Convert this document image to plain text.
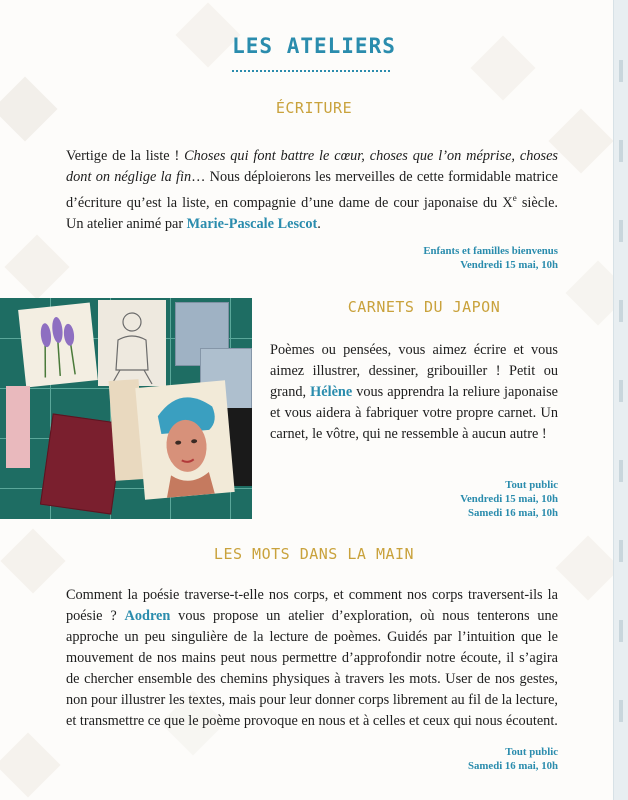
LES ATELIERS
ÉCRITURE
Vertige de la liste ! Choses qui font battre le cœur, choses que l’on méprise, choses dont on néglige la fin… Nous déploierons les merveilles de cette formidable matrice d’écriture qu’est la liste, en compagnie d’une dame de cour japonaise du Xe siècle. Un atelier animé par Marie-Pascale Lescot.
Enfants et familles bienvenus
Vendredi 15 mai, 10h
CARNETS DU JAPON
Poèmes ou pensées, vous aimez écrire et vous aimez illustrer, dessiner, gribouiller ! Petit ou grand, Hélène vous apprendra la reliure japonaise et vous aidera à fabriquer votre propre carnet. Un carnet, le vôtre, qui ne ressemble à aucun autre !
Tout public
Vendredi 15 mai, 10h
Samedi 16 mai, 10h
LES MOTS DANS LA MAIN
Comment la poésie traverse-t-elle nos corps, et comment nos corps traversent-ils la poésie ? Aodren vous propose un atelier d’exploration, où nous tenterons une approche un peu singulière de la lecture de poèmes. Guidés par l’intuition que le mouvement de nos mains peut nous permettre d’approfondir notre écoute, il s’agira de chercher ensemble des chemins physiques à travers les mots. User de nos gestes, non pour illustrer les textes, mais pour leur donner corps librement au fil de la lecture, et transmettre ce que le poème provoque en nous et à celles et ceux qui nous écoutent.
Tout public
Samedi 16 mai, 10h
